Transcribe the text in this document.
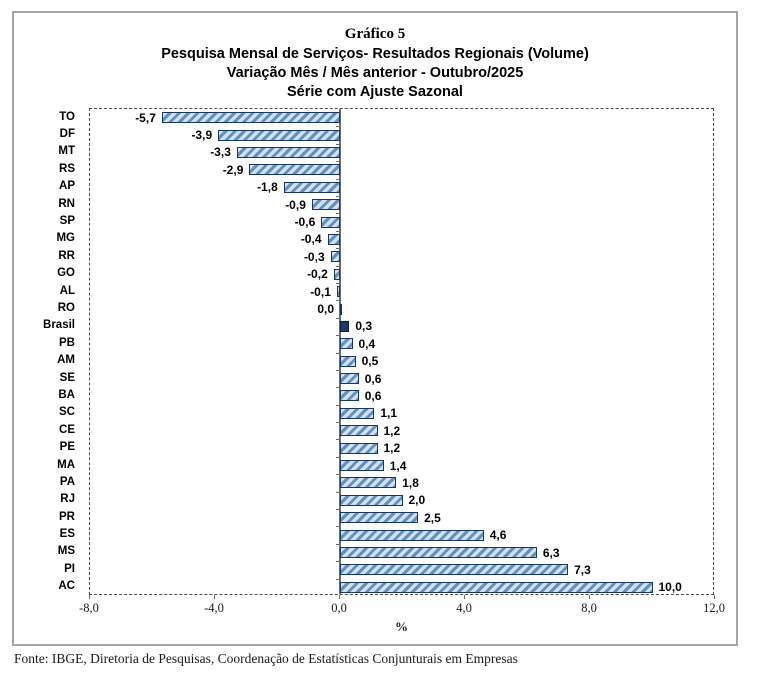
Gráfico 5
Pesquisa Mensal de Serviços- Resultados Regionais (Volume)
Variação Mês / Mês anterior - Outubro/2025
Série com Ajuste Sazonal
TO
DF
MT
RS
AP
RN
SP
MG
RR
GO
AL
RO
Brasil
PB
AM
SE
BA
SC
CE
PE
MA
PA
RJ
PR
ES
MS
PI
AC
-5,7
-3,9
-3,3
-2,9
-1,8
-0,9
-0,6
-0,4
-0,3
-0,2
-0,1
0,0
0,3
0,4
0,5
0,6
0,6
1,1
1,2
1,2
1,4
1,8
2,0
2,5
4,6
6,3
7,3
10,0
-8,0	-4,0	0,0	4,0	8,0	12,0
%
Fonte: IBGE, Diretoria de Pesquisas, Coordenação de Estatísticas Conjunturais em Empresas
